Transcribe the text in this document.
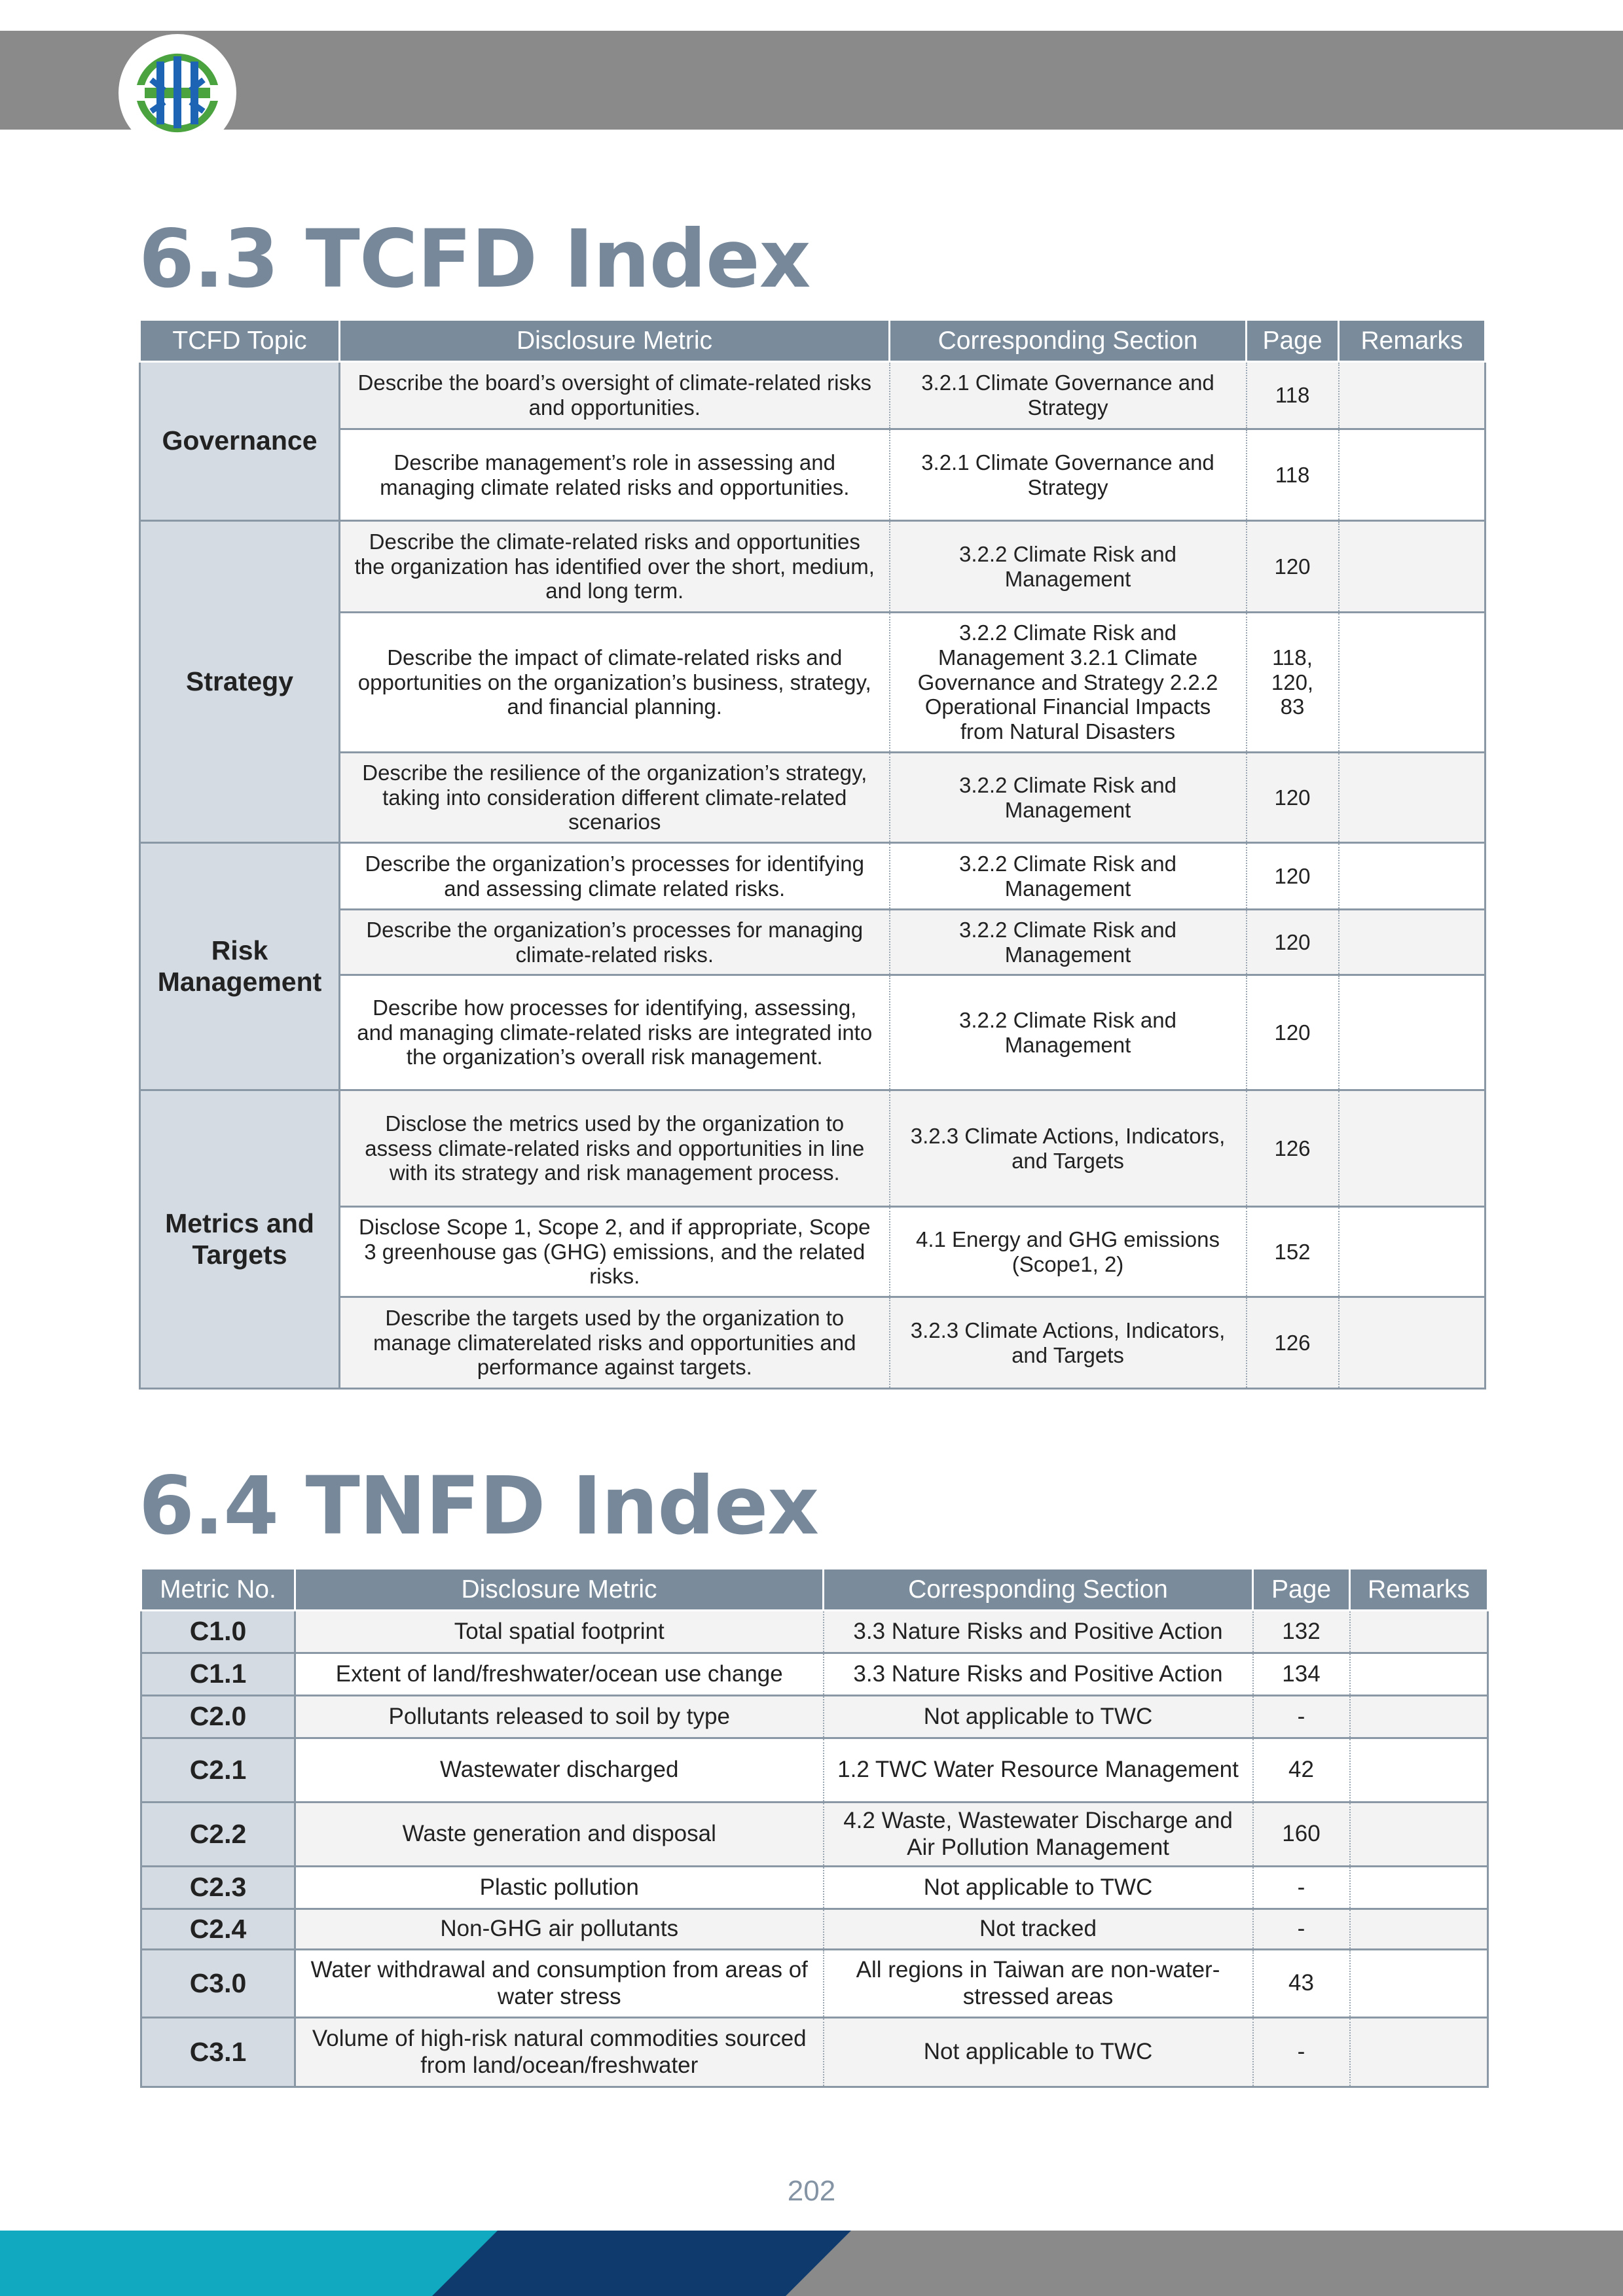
6.3 TCFD Index
TCFD Topic	Disclosure Metric	Corresponding Section	Page	Remarks
Governance	Describe the board’s oversight of climate-related risks and opportunities.	3.2.1 Climate Governance and Strategy	118	
	Describe management’s role in assessing and managing climate related risks and opportunities.	3.2.1 Climate Governance and Strategy	118	
Strategy	Describe the climate-related risks and opportunities the organization has identified over the short, medium, and long term.	3.2.2 Climate Risk and Management	120	
	Describe the impact of climate-related risks and opportunities on the organization’s business, strategy, and financial planning.	3.2.2 Climate Risk and Management 3.2.1 Climate Governance and Strategy 2.2.2 Operational Financial Impacts from Natural Disasters	118, 120, 83	
	Describe the resilience of the organization’s strategy, taking into consideration different climate-related scenarios	3.2.2 Climate Risk and Management	120	
Risk Management	Describe the organization’s processes for identifying and assessing climate related risks.	3.2.2 Climate Risk and Management	120	
	Describe the organization’s processes for managing climate-related risks.	3.2.2 Climate Risk and Management	120	
	Describe how processes for identifying, assessing, and managing climate-related risks are integrated into the organization’s overall risk management.	3.2.2 Climate Risk and Management	120	
Metrics and Targets	Disclose the metrics used by the organization to assess climate-related risks and opportunities in line with its strategy and risk management process.	3.2.3 Climate Actions, Indicators, and Targets	126	
	Disclose Scope 1, Scope 2, and if appropriate, Scope 3 greenhouse gas (GHG) emissions, and the related risks.	4.1 Energy and GHG emissions (Scope1, 2)	152	
	Describe the targets used by the organization to manage climaterelated risks and opportunities and performance against targets.	3.2.3 Climate Actions, Indicators, and Targets	126	
6.4 TNFD Index
Metric No.	Disclosure Metric	Corresponding Section	Page	Remarks
C1.0	Total spatial footprint	3.3 Nature Risks and Positive Action	132	
C1.1	Extent of land/freshwater/ocean use change	3.3 Nature Risks and Positive Action	134	
C2.0	Pollutants released to soil by type	Not applicable to TWC	-	
C2.1	Wastewater discharged	1.2 TWC Water Resource Management	42	
C2.2	Waste generation and disposal	4.2 Waste, Wastewater Discharge and Air Pollution Management	160	
C2.3	Plastic pollution	Not applicable to TWC	-	
C2.4	Non-GHG air pollutants	Not tracked	-	
C3.0	Water withdrawal and consumption from areas of water stress	All regions in Taiwan are non-water-stressed areas	43	
C3.1	Volume of high-risk natural commodities sourced from land/ocean/freshwater	Not applicable to TWC	-	
202
